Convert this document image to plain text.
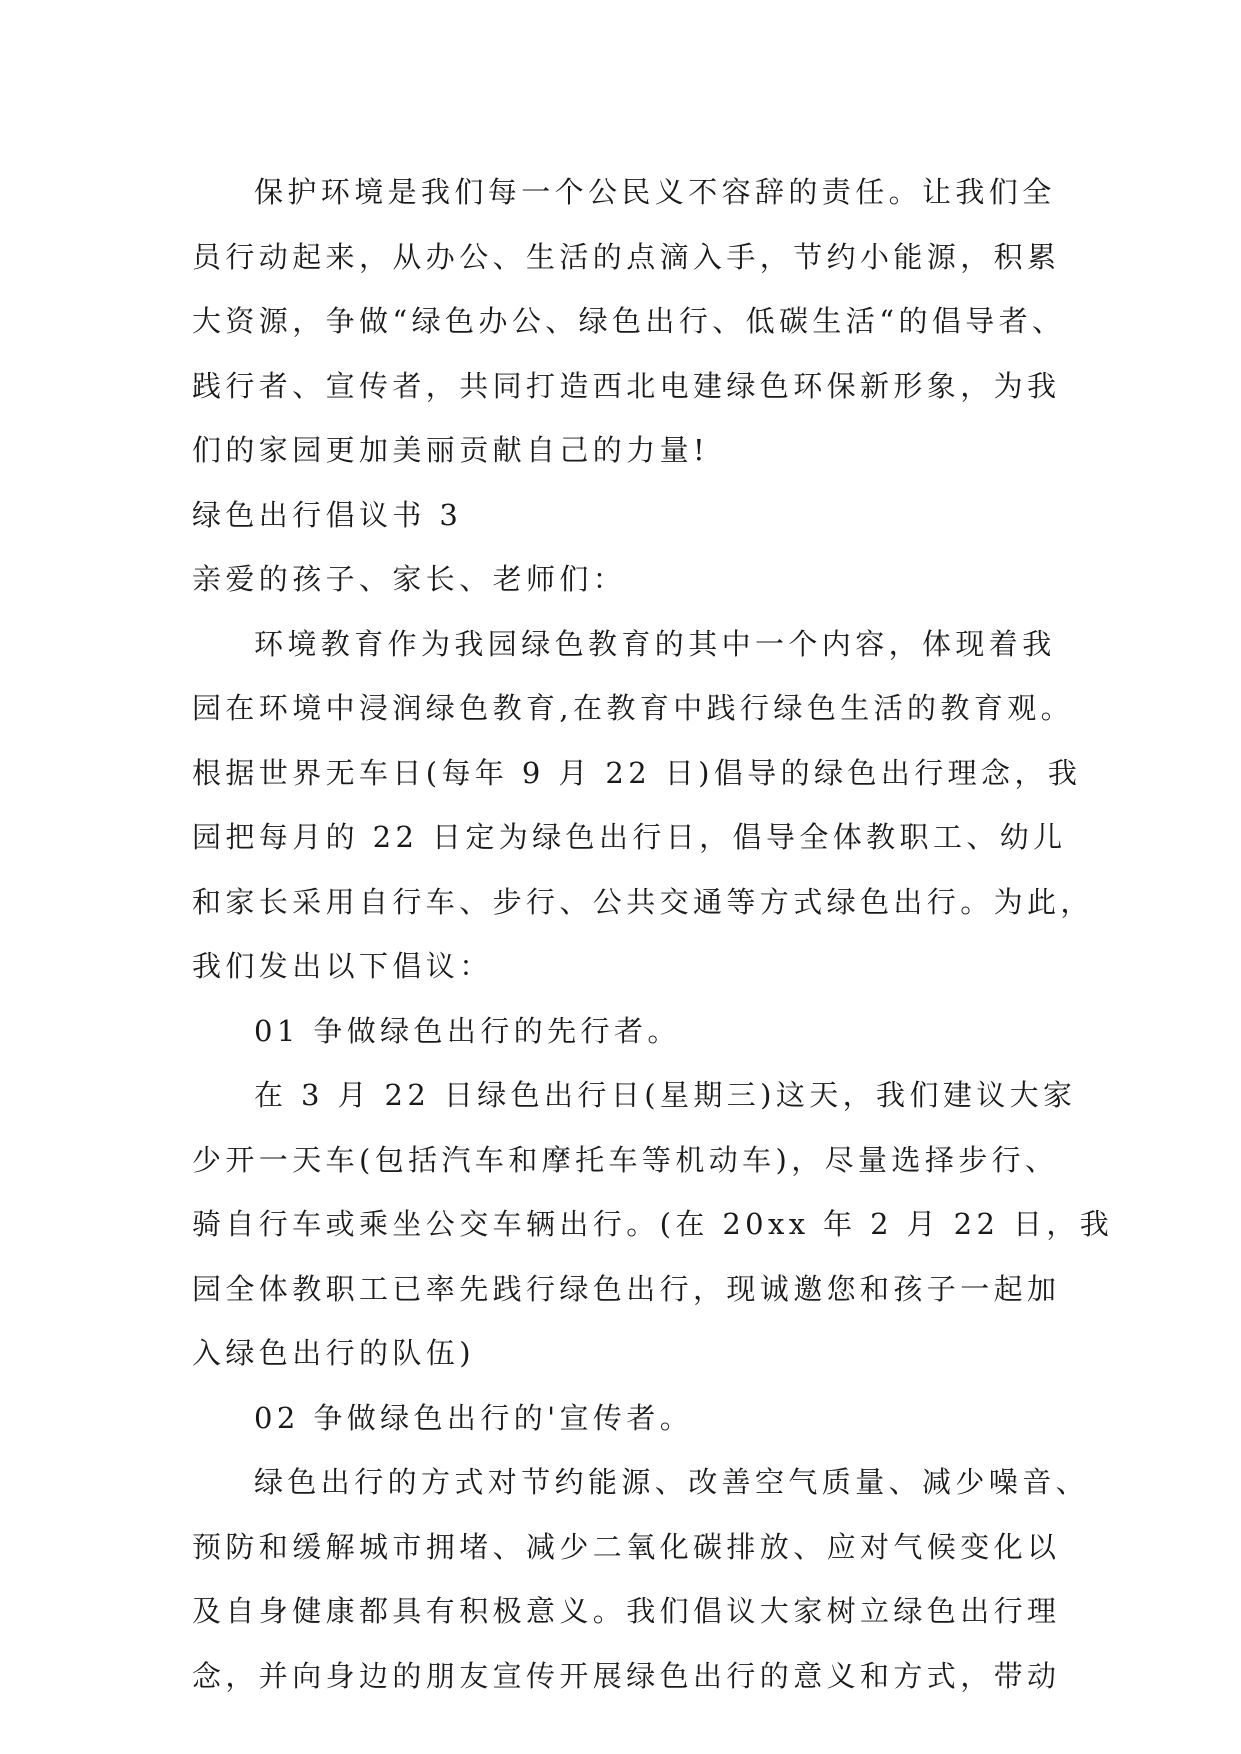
保护环境是我们每一个公民义不容辞的责任。让我们全
员行动起来，从办公、生活的点滴入手，节约小能源，积累
大资源，争做“绿色办公、绿色出行、低碳生活“的倡导者、
践行者、宣传者，共同打造西北电建绿色环保新形象，为我
们的家园更加美丽贡献自己的力量!
绿色出行倡议书 3
亲爱的孩子、家长、老师们：
环境教育作为我园绿色教育的其中一个内容，体现着我
园在环境中浸润绿色教育,在教育中践行绿色生活的教育观。
根据世界无车日(每年 9 月 22 日)倡导的绿色出行理念，我
园把每月的 22 日定为绿色出行日，倡导全体教职工、幼儿
和家长采用自行车、步行、公共交通等方式绿色出行。为此，
我们发出以下倡议：
01 争做绿色出行的先行者。
在 3 月 22 日绿色出行日(星期三)这天，我们建议大家
少开一天车(包括汽车和摩托车等机动车)，尽量选择步行、
骑自行车或乘坐公交车辆出行。(在 20xx 年 2 月 22 日，我
园全体教职工已率先践行绿色出行，现诚邀您和孩子一起加
入绿色出行的队伍)
02 争做绿色出行的'宣传者。
绿色出行的方式对节约能源、改善空气质量、减少噪音、
预防和缓解城市拥堵、减少二氧化碳排放、应对气候变化以
及自身健康都具有积极意义。我们倡议大家树立绿色出行理
念，并向身边的朋友宣传开展绿色出行的意义和方式，带动
